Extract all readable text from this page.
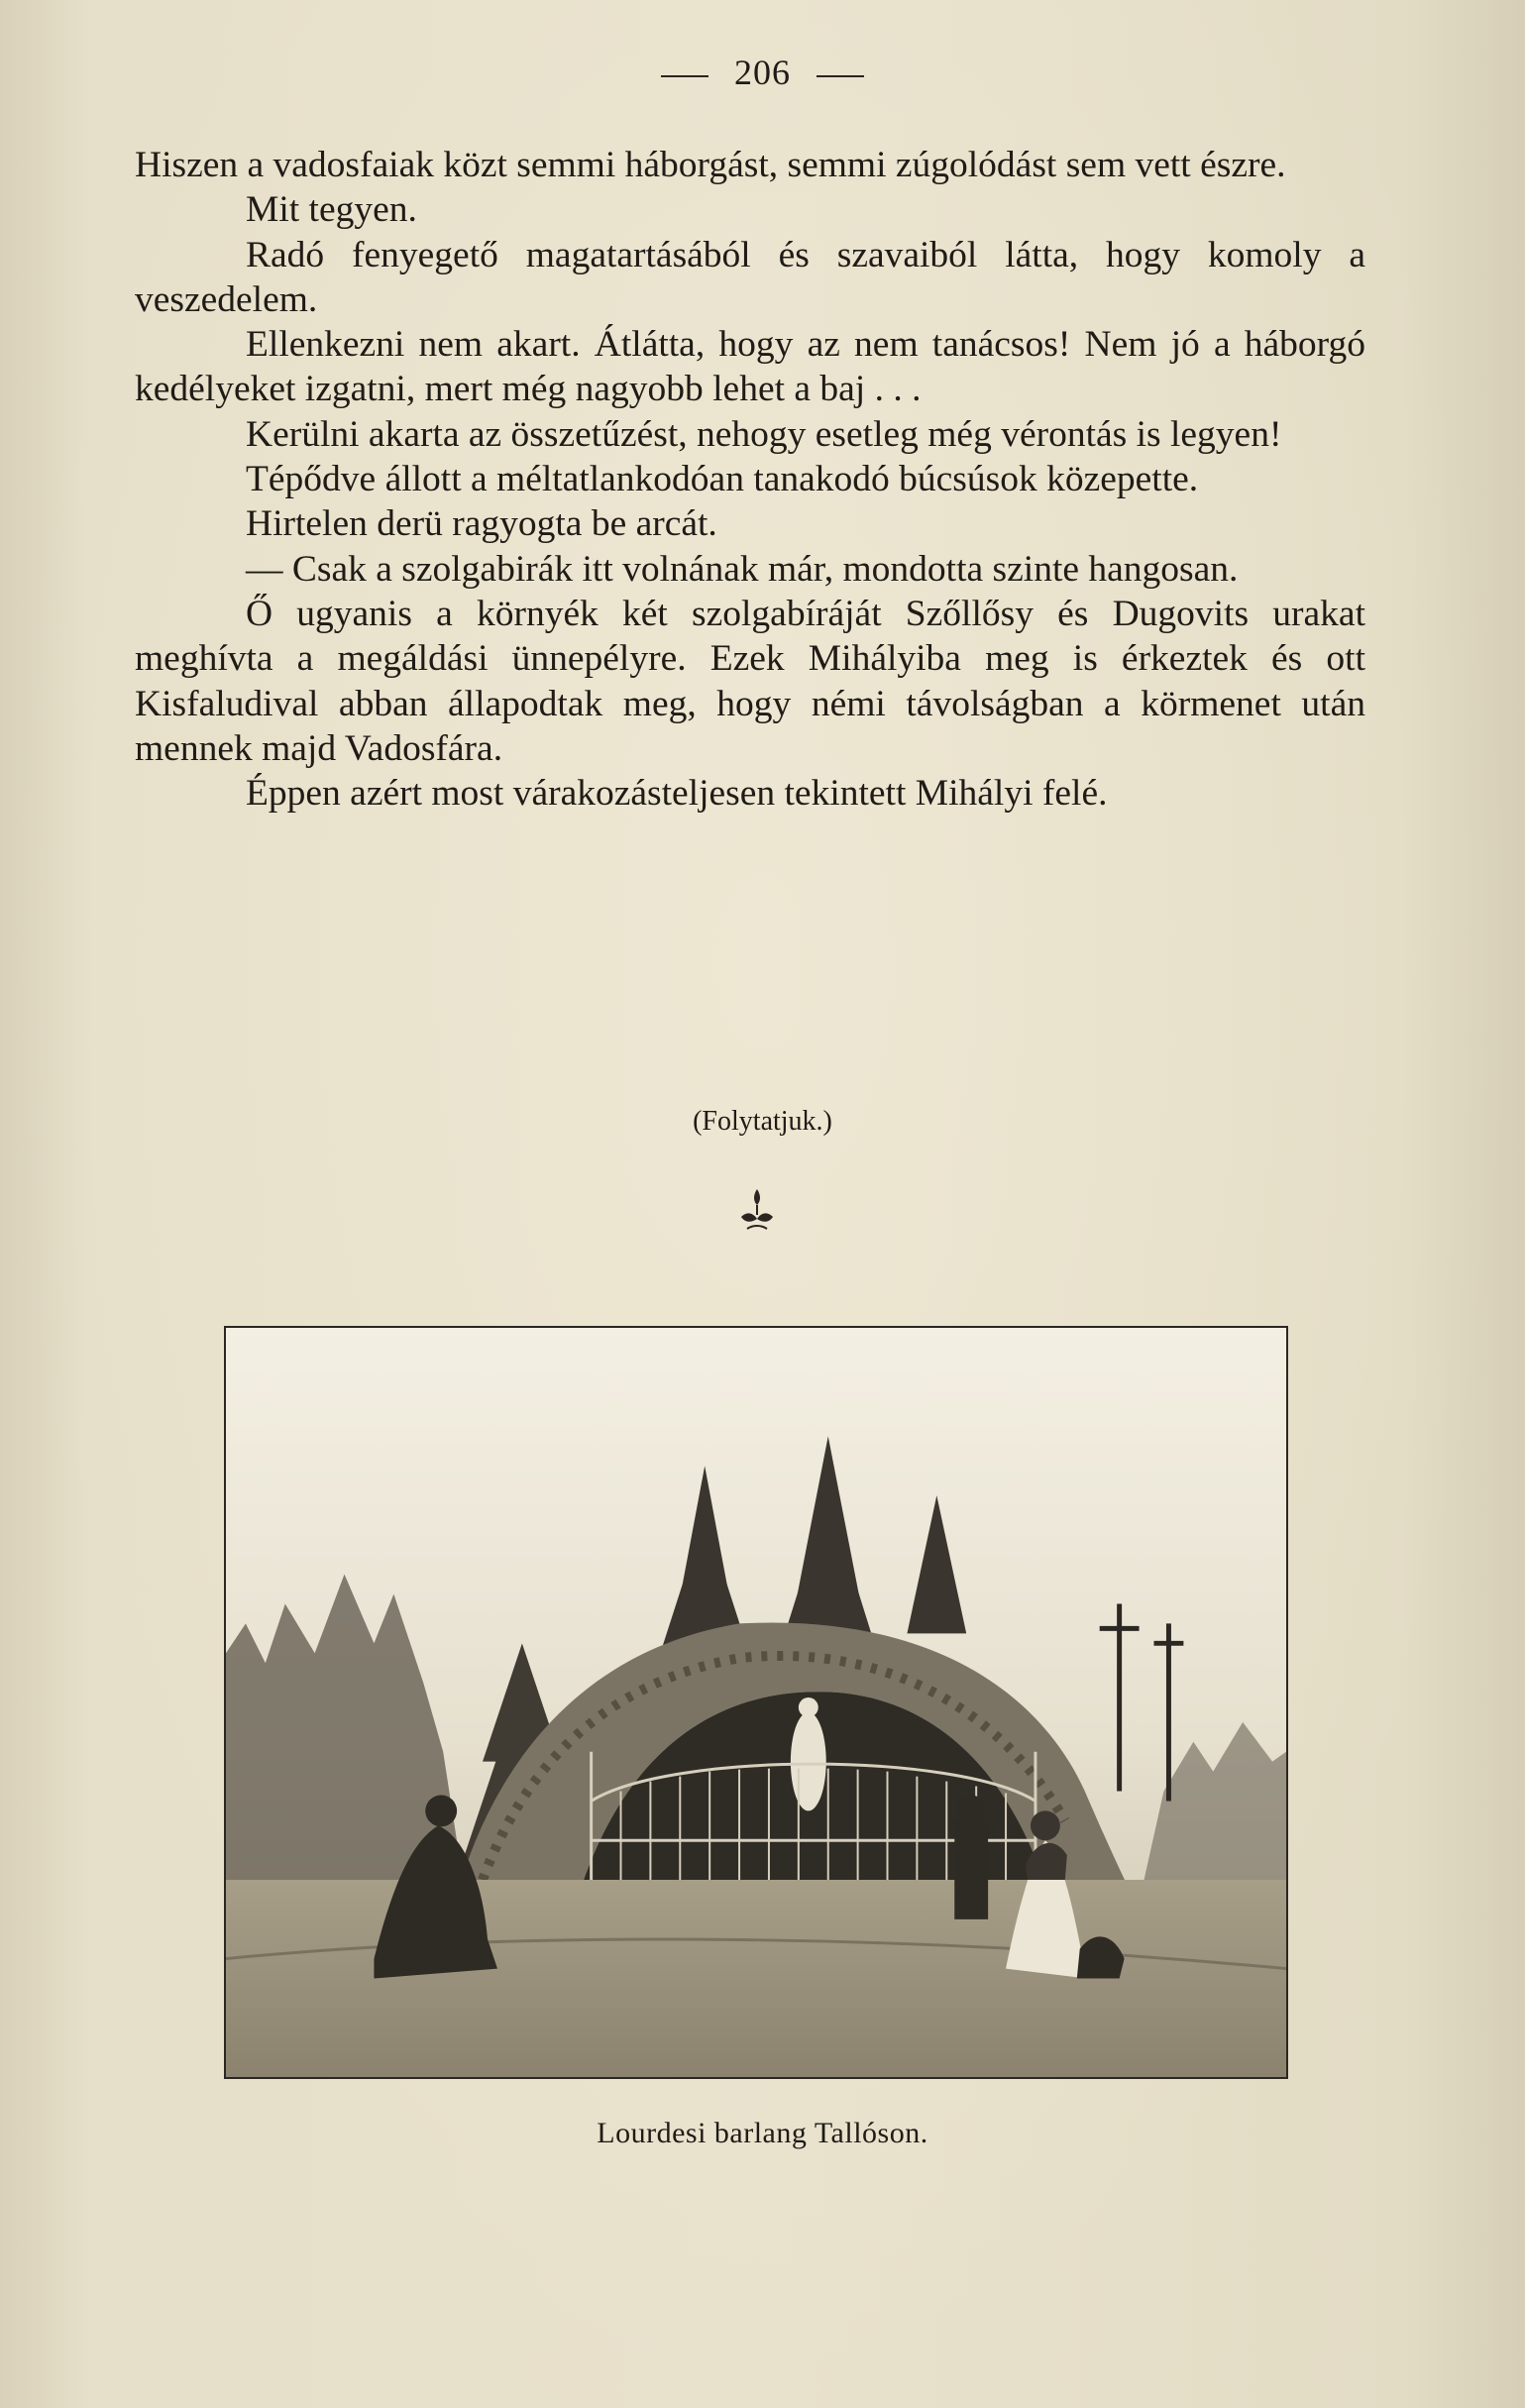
206

Hiszen a vadosfaiak közt semmi háborgást, semmi zúgolódást sem vett észre.

Mit tegyen.

Radó fenyegető magatartásából és szavaiból látta, hogy komoly a veszedelem.

Ellenkezni nem akart. Átlátta, hogy az nem tanácsos! Nem jó a háborgó kedélyeket izgatni, mert még nagyobb lehet a baj . . .

Kerülni akarta az összetűzést, nehogy esetleg még vérontás is legyen!

Tépődve állott a méltatlankodóan tanakodó búcsúsok közepette.

Hirtelen derü ragyogta be arcát.

— Csak a szolgabirák itt volnának már, mondotta szinte hangosan.

Ő ugyanis a környék két szolgabíráját Szőllősy és Dugovits urakat meghívta a megáldási ünnepélyre. Ezek Mihályiba meg is érkeztek és ott Kisfaludival abban állapodtak meg, hogy némi távolságban a körmenet után mennek majd Vadosfára.

Éppen azért most várakozásteljesen tekintett Mihályi felé.

(Folytatjuk.)
Lourdesi barlang Tallóson.
